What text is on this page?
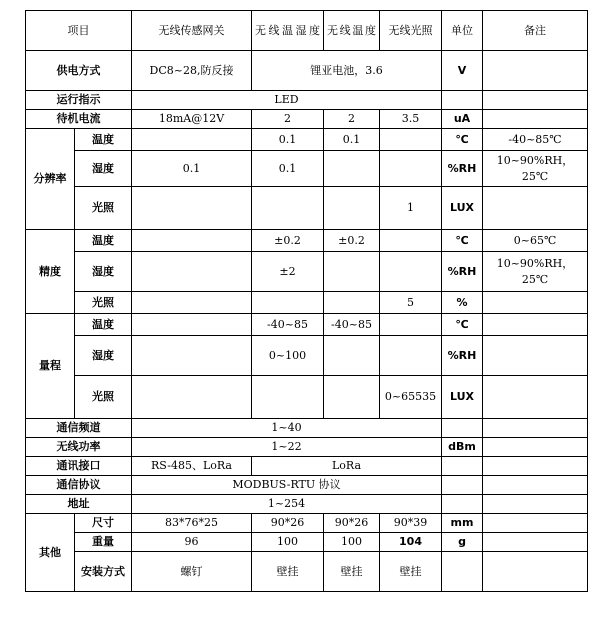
项目		无线传感网关	无线温湿度	无线温度	无线光照	单位	备注
供电方式		DC8~28,防反接	锂亚电池，3.6			V	
运行指示		LED					
待机电流		18mA@12V	2	2	3.5	uA	
分辨率	温度		0.1	0.1		℃	-40~85℃
	湿度	0.1	0.1			%RH	10~90%RH，25℃
	光照				1	LUX	
精度	温度		±0.2	±0.2		℃	0~65℃
	湿度		±2			%RH	10~90%RH，25℃
	光照				5	%	
量程	温度		-40~85	-40~85		℃	
	湿度		0~100			%RH	
	光照				0~65535	LUX	
通信频道		1~40					
无线功率		1~22				dBm	
通讯接口		RS-485、LoRa	LoRa				
通信协议		MODBUS-RTU 协议					
地址		1~254					
其他	尺寸	83*76*25	90*26	90*26	90*39	mm	
	重量	96	100	100	104	g	
	安装方式	螺钉	壁挂	壁挂	壁挂		
